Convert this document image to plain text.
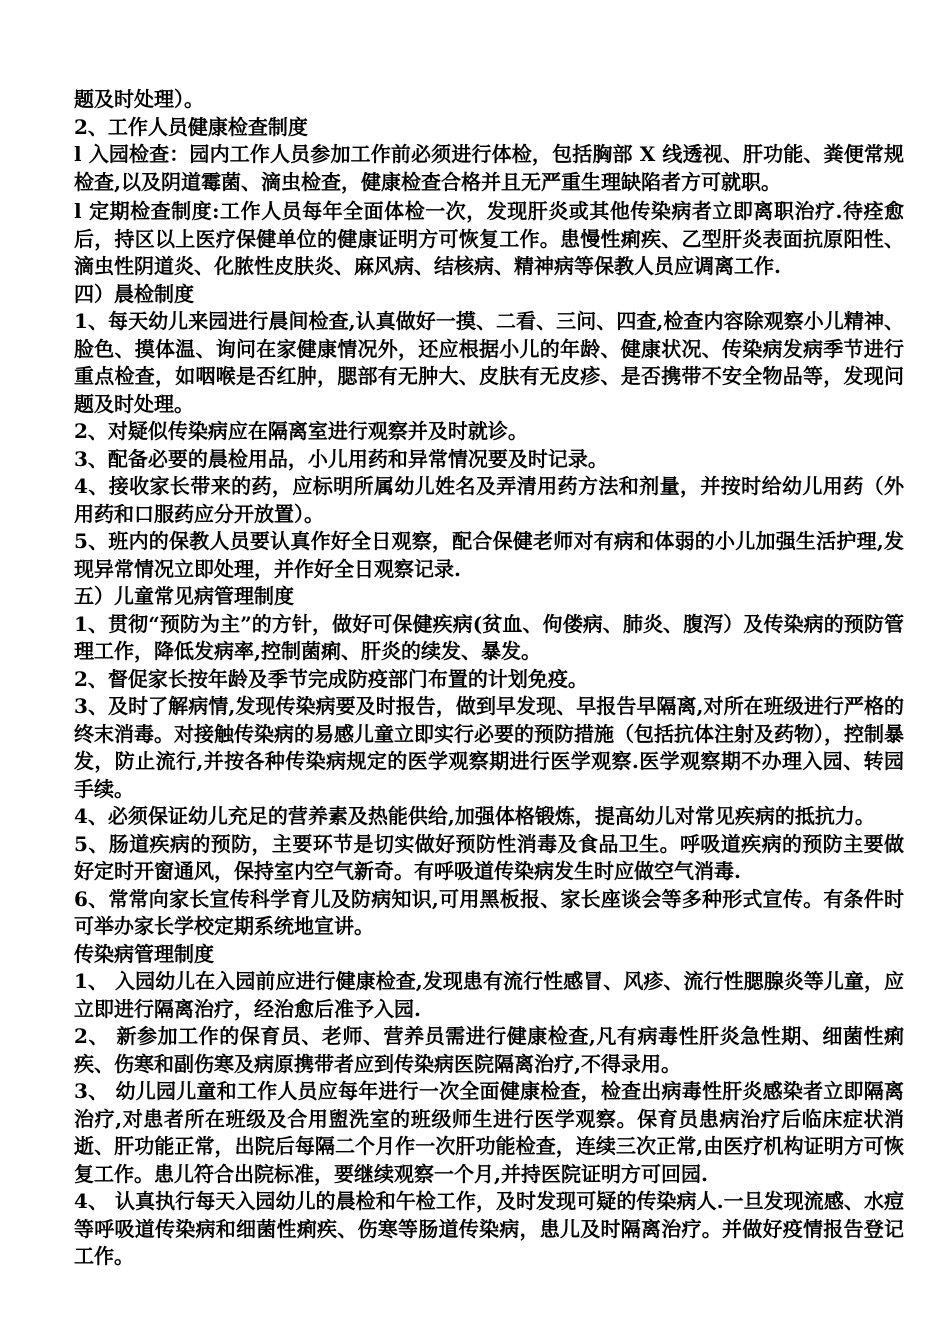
题及时处理）。

2、工作人员健康检查制度

l 入园检查：园内工作人员参加工作前必须进行体检，包括胸部 X 线透视、肝功能、粪便常规检查,以及阴道霉菌、滴虫检查，健康检查合格并且无严重生理缺陷者方可就职。

l 定期检查制度:工作人员每年全面体检一次，发现肝炎或其他传染病者立即离职治疗.待痊愈后，持区以上医疗保健单位的健康证明方可恢复工作。患慢性痢疾、乙型肝炎表面抗原阳性、滴虫性阴道炎、化脓性皮肤炎、麻风病、结核病、精神病等保教人员应调离工作.

四）晨检制度

1、每天幼儿来园进行晨间检查,认真做好一摸、二看、三问、四查,检查内容除观察小儿精神、脸色、摸体温、询问在家健康情况外，还应根据小儿的年龄、健康状况、传染病发病季节进行重点检查，如咽喉是否红肿，腮部有无肿大、皮肤有无皮疹、是否携带不安全物品等，发现问题及时处理。

2、对疑似传染病应在隔离室进行观察并及时就诊。

3、配备必要的晨检用品，小儿用药和异常情况要及时记录。

4、接收家长带来的药，应标明所属幼儿姓名及弄清用药方法和剂量，并按时给幼儿用药（外用药和口服药应分开放置）。

5、班内的保教人员要认真作好全日观察，配合保健老师对有病和体弱的小儿加强生活护理,发现异常情况立即处理，并作好全日观察记录.

五）儿童常见病管理制度

1、贯彻“预防为主”的方针，做好可保健疾病(贫血、佝偻病、肺炎、腹泻）及传染病的预防管理工作，降低发病率,控制菌痢、肝炎的续发、暴发。

2、督促家长按年龄及季节完成防疫部门布置的计划免疫。

3、及时了解病情,发现传染病要及时报告，做到早发现、早报告早隔离,对所在班级进行严格的终末消毒。对接触传染病的易感儿童立即实行必要的预防措施（包括抗体注射及药物），控制暴发，防止流行,并按各种传染病规定的医学观察期进行医学观察.医学观察期不办理入园、转园手续。

4、必须保证幼儿充足的营养素及热能供给,加强体格锻炼，提高幼儿对常见疾病的抵抗力。

5、肠道疾病的预防，主要环节是切实做好预防性消毒及食品卫生。呼吸道疾病的预防主要做好定时开窗通风，保持室内空气新奇。有呼吸道传染病发生时应做空气消毒.

6、常常向家长宣传科学育儿及防病知识,可用黑板报、家长座谈会等多种形式宣传。有条件时可举办家长学校定期系统地宣讲。

传染病管理制度

1、 入园幼儿在入园前应进行健康检查,发现患有流行性感冒、风疹、流行性腮腺炎等儿童，应立即进行隔离治疗，经治愈后准予入园.

2、 新参加工作的保育员、老师、营养员需进行健康检查,凡有病毒性肝炎急性期、细菌性痢疾、伤寒和副伤寒及病原携带者应到传染病医院隔离治疗,不得录用。

3、 幼儿园儿童和工作人员应每年进行一次全面健康检查，检查出病毒性肝炎感染者立即隔离治疗,对患者所在班级及合用盥洗室的班级师生进行医学观察。保育员患病治疗后临床症状消逝、肝功能正常，出院后每隔二个月作一次肝功能检查，连续三次正常,由医疗机构证明方可恢复工作。患儿符合出院标准，要继续观察一个月,并持医院证明方可回园.

4、 认真执行每天入园幼儿的晨检和午检工作，及时发现可疑的传染病人.一旦发现流感、水痘等呼吸道传染病和细菌性痢疾、伤寒等肠道传染病，患儿及时隔离治疗。并做好疫情报告登记工作。
